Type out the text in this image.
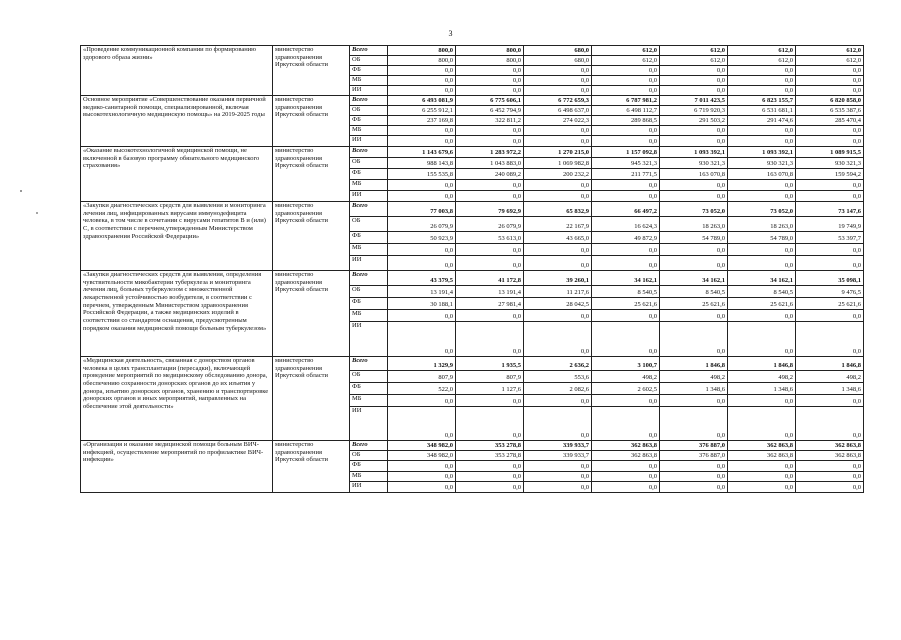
3
«Проведение коммуникационной компании по формированию здорового образа жизни»	министерство здравоохранения Иркутской области	Всего	800,0	800,0	680,0	612,0	612,0	612,0	612,0
		ОБ	800,0	800,0	680,0	612,0	612,0	612,0	612,0
		ФБ	0,0	0,0	0,0	0,0	0,0	0,0	0,0
		МБ	0,0	0,0	0,0	0,0	0,0	0,0	0,0
		ИИ	0,0	0,0	0,0	0,0	0,0	0,0	0,0
Основное мероприятие «Совершенствование оказания первичной медико-санитарной помощи, специализированной, включая высокотехнологичную медицинскую помощь» на 2019-2025 годы	министерство здравоохранения Иркутской области	Всего	6 493 081,9	6 775 606,1	6 772 659,3	6 787 981,2	7 011 423,5	6 823 155,7	6 820 858,0
		ОБ	6 255 912,1	6 452 794,9	6 498 637,0	6 498 112,7	6 719 920,3	6 531 681,1	6 535 387,6
		ФБ	237 169,8	322 811,2	274 022,3	289 868,5	291 503,2	291 474,6	285 470,4
		МБ	0,0	0,0	0,0	0,0	0,0	0,0	0,0
		ИИ	0,0	0,0	0,0	0,0	0,0	0,0	0,0
«Оказание высокотехнологичной медицинской помощи, не включенной в базовую программу обязательного медицинского страхования»	министерство здравоохранения Иркутской области	Всего	1 143 679,6	1 283 972,2	1 270 215,0	1 157 092,8	1 093 392,1	1 093 392,1	1 089 915,5
		ОБ	988 143,8	1 043 883,0	1 069 982,8	945 321,3	930 321,3	930 321,3	930 321,3
		ФБ	155 535,8	240 089,2	200 232,2	211 771,5	163 070,8	163 070,8	159 594,2
		МБ	0,0	0,0	0,0	0,0	0,0	0,0	0,0
		ИИ	0,0	0,0	0,0	0,0	0,0	0,0	0,0
«Закупки диагностических средств для выявления и мониторинга лечения лиц, инфицированных вирусами иммунодефицита человека, в том числе в сочетании с вирусами гепатитов В и (или) С, в соответствии с перечнем,утвержденным Министерством здравоохранения Российской Федерации»	министерство здравоохранения Иркутской области	Всего	77 003,8	79 692,9	65 832,9	66 497,2	73 052,0	73 052,0	73 147,6
		ОБ	26 079,9	26 079,9	22 167,9	16 624,3	18 263,0	18 263,0	19 749,9
		ФБ	50 923,9	53 613,0	43 665,0	49 872,9	54 789,0	54 789,0	53 397,7
		МБ	0,0	0,0	0,0	0,0	0,0	0,0	0,0
		ИИ	0,0	0,0	0,0	0,0	0,0	0,0	0,0
«Закупки диагностических средств для выявления, определения чувствительности микобактерии туберкулеза и мониторинга лечения лиц, больных туберкулезом с множественной лекарственной устойчивостью возбудителя, в соответствии с перечнем, утвержденным Министерством здравоохранения Российской Федерации, а также медицинских изделий в соответствии со стандартом оснащения, предусмотренным порядком оказания медицинской помощи больным туберкулезом»	министерство здравоохранения Иркутской области	Всего	43 379,5	41 172,8	39 260,1	34 162,1	34 162,1	34 162,1	35 098,1
		ОБ	13 191,4	13 191,4	11 217,6	8 540,5	8 540,5	8 540,5	9 476,5
		ФБ	30 188,1	27 981,4	28 042,5	25 621,6	25 621,6	25 621,6	25 621,6
		МБ	0,0	0,0	0,0	0,0	0,0	0,0	0,0
		ИИ	0,0	0,0	0,0	0,0	0,0	0,0	0,0
«Медицинская деятельность, связанная с донорством органов человека в целях трансплантации (пересадки), включающей проведение мероприятий по медицинскому обследованию донора, обеспечению сохранности донорских органов до их изъятия у донора, изъятию донорских органов, хранению и транспортировке донорских органов и иных мероприятий, направленных на обеспечение этой деятельности»	министерство здравоохранения Иркутской области	Всего	1 329,9	1 935,5	2 636,2	3 100,7	1 846,8	1 846,8	1 846,8
		ОБ	807,9	807,9	553,6	498,2	498,2	498,2	498,2
		ФБ	522,0	1 127,6	2 082,6	2 602,5	1 348,6	1 348,6	1 348,6
		МБ	0,0	0,0	0,0	0,0	0,0	0,0	0,0
		ИИ	0,0	0,0	0,0	0,0	0,0	0,0	0,0
«Организация и оказание медицинской помощи больным ВИЧ-инфекцией, осуществление мероприятий по профилактике ВИЧ-инфекции»	министерство здравоохранения Иркутской области	Всего	348 982,0	353 278,8	339 933,7	362 863,8	376 887,0	362 863,8	362 863,8
		ОБ	348 982,0	353 278,8	339 933,7	362 863,8	376 887,0	362 863,8	362 863,8
		ФБ	0,0	0,0	0,0	0,0	0,0	0,0	0,0
		МБ	0,0	0,0	0,0	0,0	0,0	0,0	0,0
		ИИ	0,0	0,0	0,0	0,0	0,0	0,0	0,0
